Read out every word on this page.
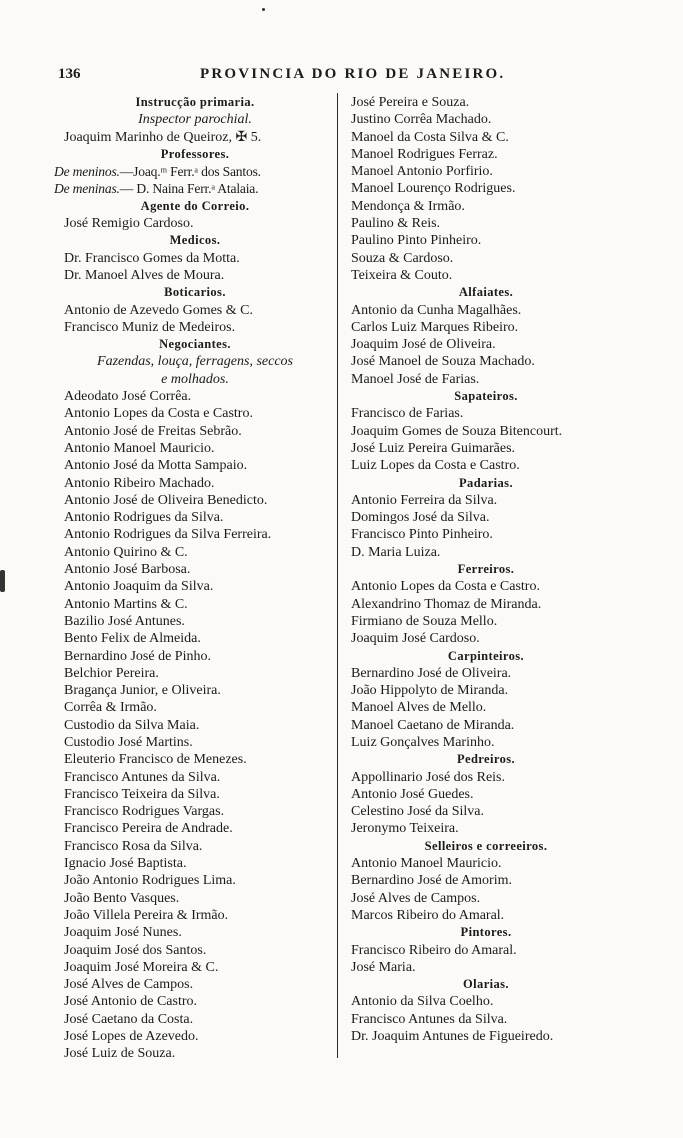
136	PROVINCIA DO RIO DE JANEIRO.
Instrucção primaria.
Inspector parochial.
Joaquim Marinho de Queiroz, ✠ 5.
Professores.
De meninos.—Joaq.ᵐ Ferr.ᵃ dos Santos.
De meninas.— D. Naina Ferr.ᵃ Atalaia.
Agente do Correio.
José Remigio Cardoso.
Medicos.
Dr. Francisco Gomes da Motta.
Dr. Manoel Alves de Moura.
Boticarios.
Antonio de Azevedo Gomes & C.
Francisco Muniz de Medeiros.
Negociantes.
Fazendas, louça, ferragens, seccos
e molhados.
Adeodato José Corrêa.
Antonio Lopes da Costa e Castro.
Antonio José de Freitas Sebrão.
Antonio Manoel Mauricio.
Antonio José da Motta Sampaio.
Antonio Ribeiro Machado.
Antonio José de Oliveira Benedicto.
Antonio Rodrigues da Silva.
Antonio Rodrigues da Silva Ferreira.
Antonio Quirino & C.
Antonio José Barbosa.
Antonio Joaquim da Silva.
Antonio Martins & C.
Bazilio José Antunes.
Bento Felix de Almeida.
Bernardino José de Pinho.
Belchior Pereira.
Bragança Junior, e Oliveira.
Corrêa & Irmão.
Custodio da Silva Maia.
Custodio José Martins.
Eleuterio Francisco de Menezes.
Francisco Antunes da Silva.
Francisco Teixeira da Silva.
Francisco Rodrigues Vargas.
Francisco Pereira de Andrade.
Francisco Rosa da Silva.
Ignacio José Baptista.
João Antonio Rodrigues Lima.
João Bento Vasques.
João Villela Pereira & Irmão.
Joaquim José Nunes.
Joaquim José dos Santos.
Joaquim José Moreira & C.
José Alves de Campos.
José Antonio de Castro.
José Caetano da Costa.
José Lopes de Azevedo.
José Luiz de Souza.
José Pereira e Souza.
Justino Corrêa Machado.
Manoel da Costa Silva & C.
Manoel Rodrigues Ferraz.
Manoel Antonio Porfirio.
Manoel Lourenço Rodrigues.
Mendonça & Irmão.
Paulino & Reis.
Paulino Pinto Pinheiro.
Souza & Cardoso.
Teixeira & Couto.
Alfaiates.
Antonio da Cunha Magalhães.
Carlos Luiz Marques Ribeiro.
Joaquim José de Oliveira.
José Manoel de Souza Machado.
Manoel José de Farias.
Sapateiros.
Francisco de Farias.
Joaquim Gomes de Souza Bitencourt.
José Luiz Pereira Guimarães.
Luiz Lopes da Costa e Castro.
Padarias.
Antonio Ferreira da Silva.
Domingos José da Silva.
Francisco Pinto Pinheiro.
D. Maria Luiza.
Ferreiros.
Antonio Lopes da Costa e Castro.
Alexandrino Thomaz de Miranda.
Firmiano de Souza Mello.
Joaquim José Cardoso.
Carpinteiros.
Bernardino José de Oliveira.
João Hippolyto de Miranda.
Manoel Alves de Mello.
Manoel Caetano de Miranda.
Luiz Gonçalves Marinho.
Pedreiros.
Appollinario José dos Reis.
Antonio José Guedes.
Celestino José da Silva.
Jeronymo Teixeira.
Selleiros e correeiros.
Antonio Manoel Mauricio.
Bernardino José de Amorim.
José Alves de Campos.
Marcos Ribeiro do Amaral.
Pintores.
Francisco Ribeiro do Amaral.
José Maria.
Olarias.
Antonio da Silva Coelho.
Francisco Antunes da Silva.
Dr. Joaquim Antunes de Figueiredo.
